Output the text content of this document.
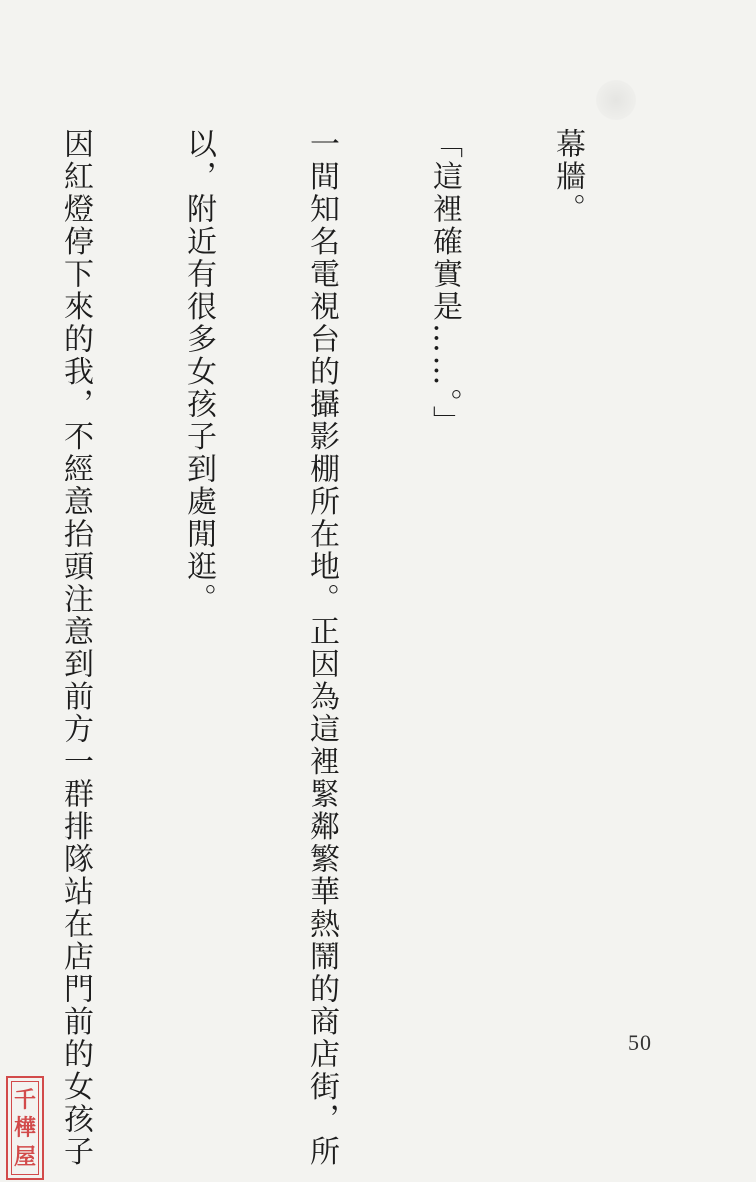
幕牆。

「這裡確實是……。」

一間知名電視台的攝影棚所在地。正因為這裡緊鄰繁華熱鬧的商店街，所

以，附近有很多女孩子到處閒逛。

因紅燈停下來的我，不經意抬頭注意到前方一群排隊站在店門前的女孩子

	50
千
樺
屋
